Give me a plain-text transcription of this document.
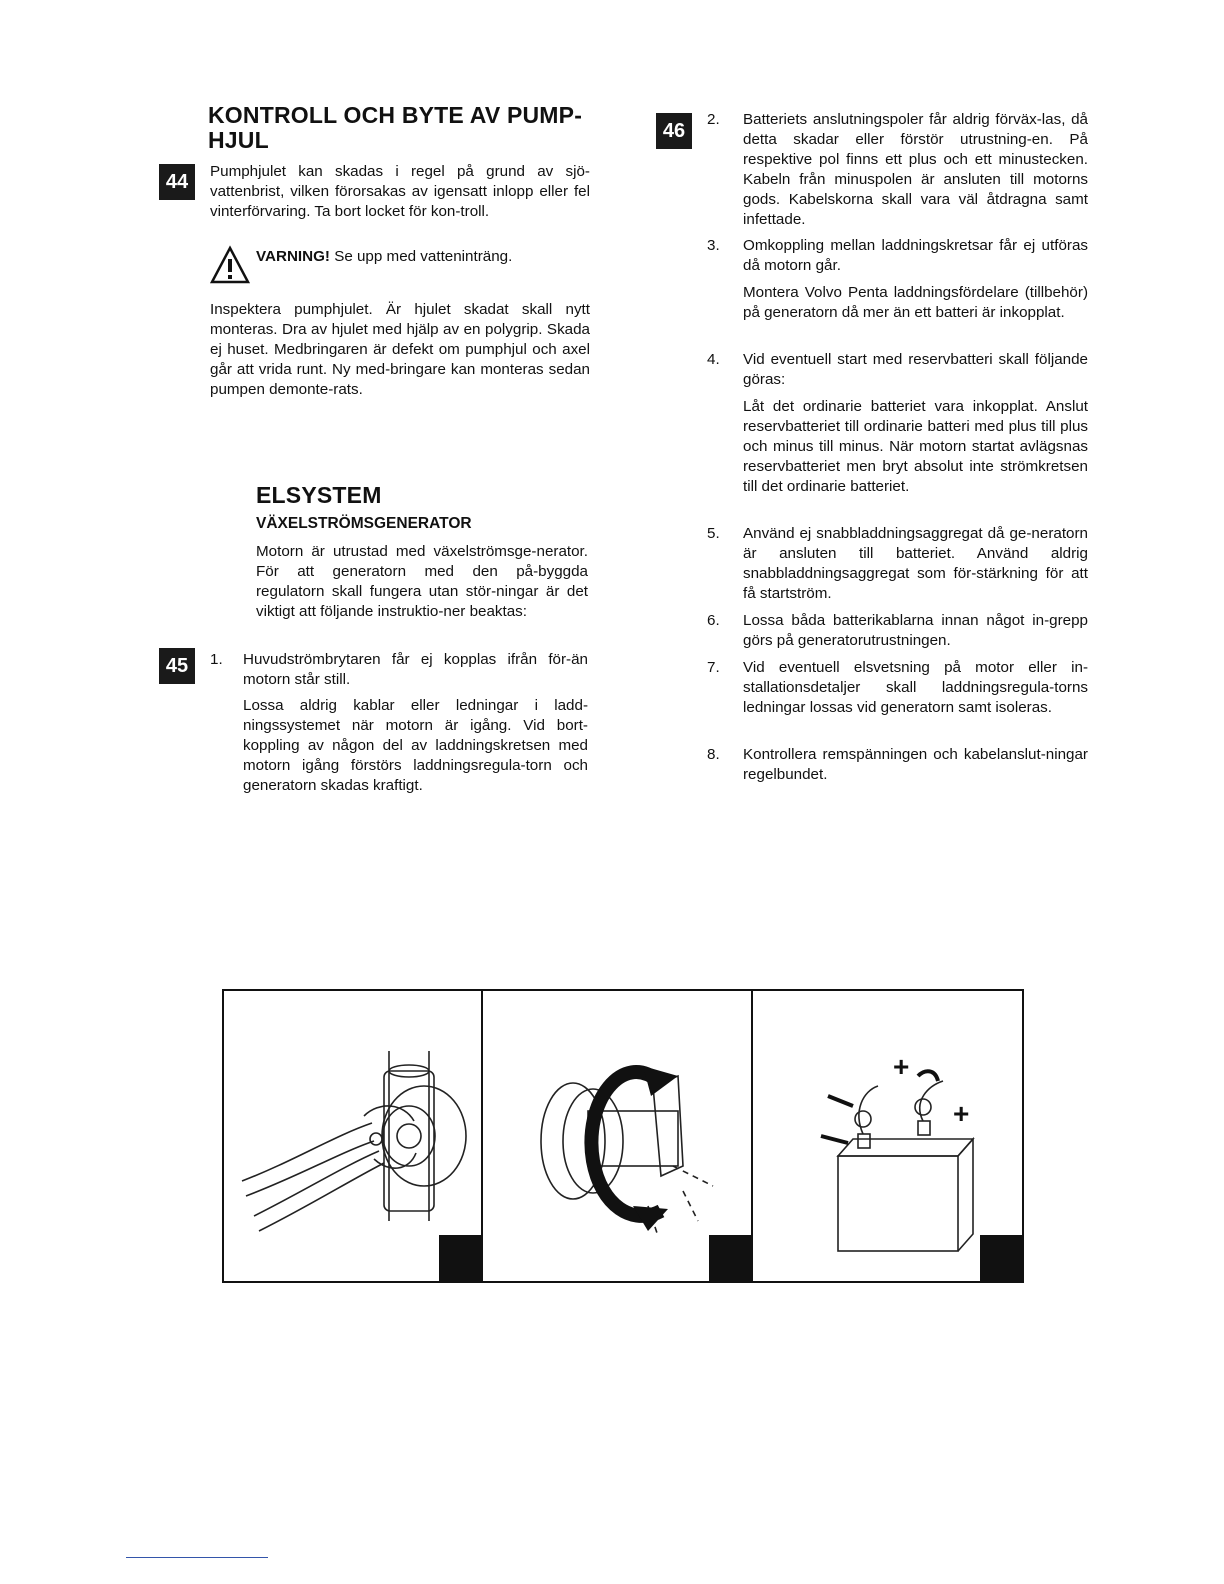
KONTROLL OCH BYTE AV PUMP-
HJUL
44	Pumphjulet kan skadas i regel på grund av sjö-vattenbrist, vilken förorsakas av igensatt inlopp eller fel vinterförvaring. Ta bort locket för kon-troll.

VARNING! Se upp med vatteninträng.

Inspektera pumphjulet. Är hjulet skadat skall nytt monteras. Dra av hjulet med hjälp av en polygrip. Skada ej huset. Medbringaren är defekt om pumphjul och axel går att vrida runt. Ny med-bringare kan monteras sedan pumpen demonte-rats.

ELSYSTEM
VÄXELSTRÖMSGENERATOR

Motorn är utrustad med växelströmsge-nerator. För att generatorn med den på-byggda regulatorn skall fungera utan stör-ningar är det viktigt att följande instruktio-ner beaktas:

45	1. Huvudströmbrytaren får ej kopplas ifrån för-än motorn står still.

Lossa aldrig kablar eller ledningar i ladd-ningssystemet när motorn är igång. Vid bort-koppling av någon del av laddningskretsen med motorn igång förstörs laddningsregula-torn och generatorn skadas kraftigt.

46
2. Batteriets anslutningspoler får aldrig förväx-las, då detta skadar eller förstör utrustning-en. På respektive pol finns ett plus och ett minustecken. Kabeln från minuspolen är ansluten till motorns gods. Kabelskorna skall vara väl åtdragna samt infettade.

3. Omkoppling mellan laddningskretsar får ej utföras då motorn går.

Montera Volvo Penta laddningsfördelare (tillbehör) på generatorn då mer än ett batteri är inkopplat.

4. Vid eventuell start med reservbatteri skall följande göras:

Låt det ordinarie batteriet vara inkopplat. Anslut reservbatteriet till ordinarie batteri med plus till plus och minus till minus. När motorn startat avlägsnas reservbatteriet men bryt absolut inte strömkretsen till det ordinarie batteriet.

5. Använd ej snabbladdningsaggregat då ge-neratorn är ansluten till batteriet. Använd aldrig snabbladdningsaggregat som för-stärkning för att få startström.

6. Lossa båda batterikablarna innan något in-grepp görs på generatorutrustningen.

7. Vid eventuell elsvetsning på motor eller in-stallationsdetaljer skall laddningsregula-torns ledningar lossas vid generatorn samt isoleras.

8. Kontrollera remspänningen och kabelanslut-ningar regelbundet.

+
+
